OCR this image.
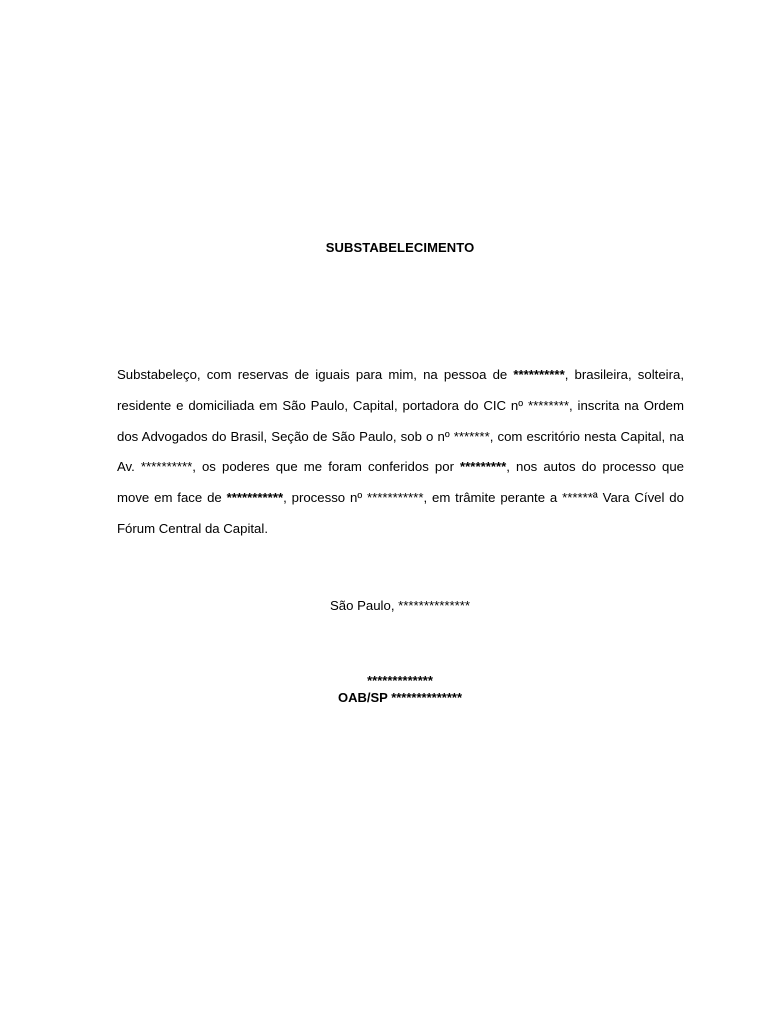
SUBSTABELECIMENTO

Substabeleço, com reservas de iguais para mim, na pessoa de **********, brasileira, solteira, residente e domiciliada em São Paulo, Capital, portadora do CIC nº ********, inscrita na Ordem dos Advogados do Brasil, Seção de São Paulo, sob o nº *******, com escritório nesta Capital, na Av. **********, os poderes que me foram conferidos por *********, nos autos do processo que move em face de ***********, processo nº ***********, em trâmite perante a ******ª Vara Cível do Fórum Central da Capital.

São Paulo, **************
*************
OAB/SP **************
